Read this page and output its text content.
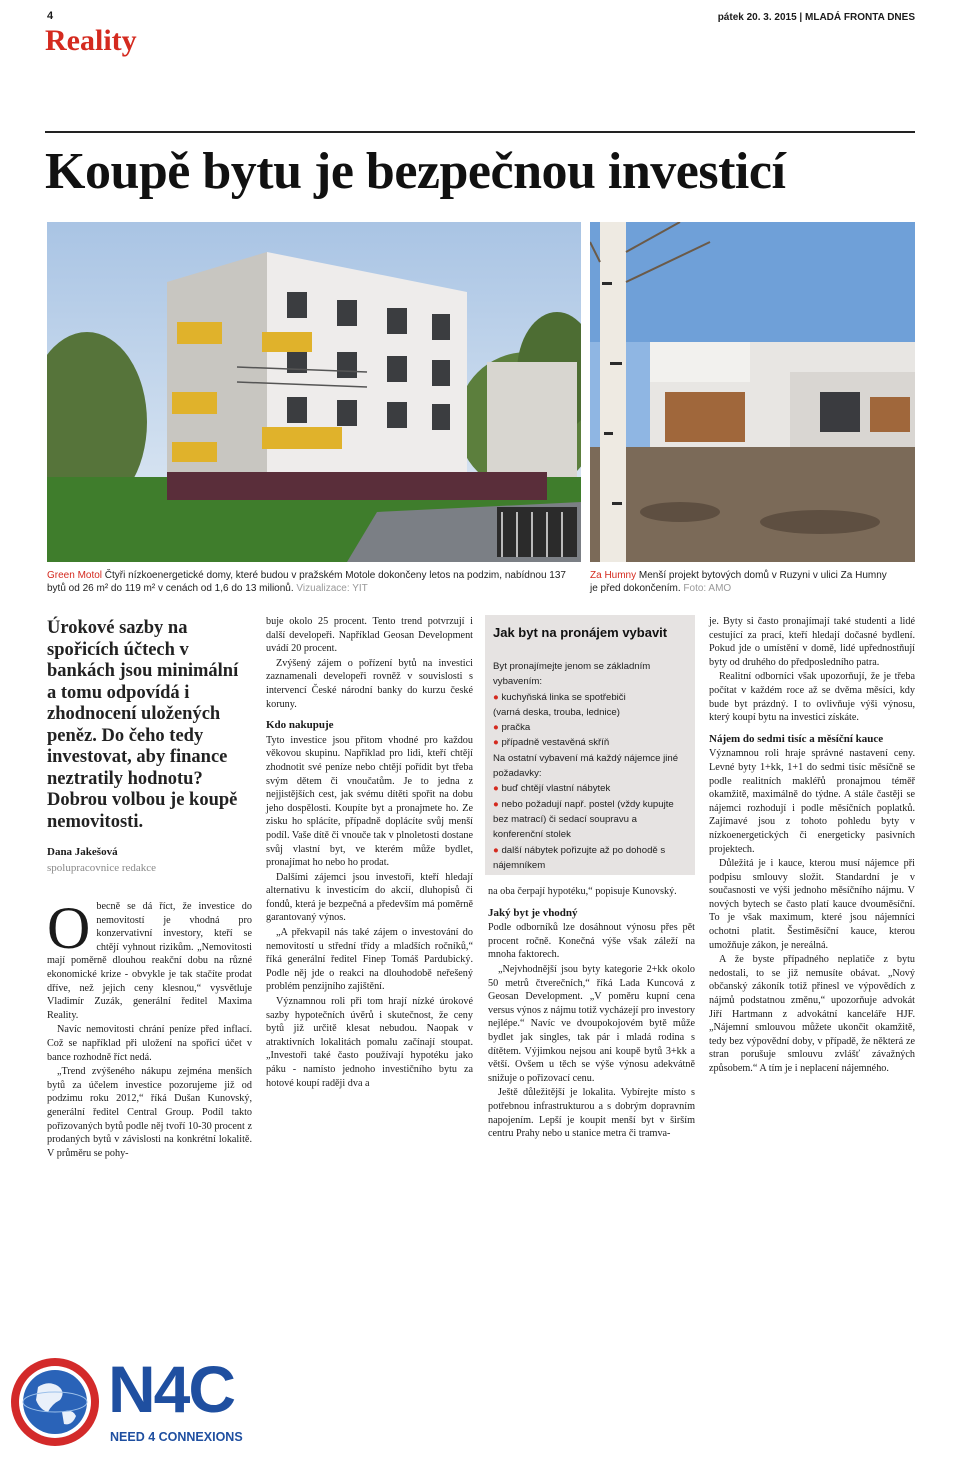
4	pátek 20. 3. 2015 | MLADÁ FRONTA DNES
Reality
Koupě bytu je bezpečnou investicí
Green Motol Čtyři nízkoenergetické domy, které budou v pražském Motole dokončeny letos na podzim, nabídnou 137 bytů od 26 m² do 119 m² v cenách od 1,6 do 13 milionů. Vizualizace: YIT
Za Humny Menší projekt bytových domů v Ruzyni v ulici Za Humny je před dokončením. Foto: AMO
Úrokové sazby na spořicích účtech v bankách jsou minimální a tomu odpovídá i zhodnocení uložených peněz. Do čeho tedy investovat, aby finance neztratily hodnotu? Dobrou volbou je koupě nemovitosti.
Dana Jakešová
spolupracovnice redakce

Obecně se dá říct, že investice do nemovitostí je vhodná pro konzervativní investory, kteří se chtějí vyhnout rizikům. „Nemovitosti mají poměrně dlouhou reakční dobu na různé ekonomické krize - obvykle je tak stačíte prodat dříve, než jejich ceny klesnou,“ vysvětluje Vladimír Zuzák, generální ředitel Maxima Reality.

Navíc nemovitosti chrání peníze před inflací. Což se například při uložení na spořicí účet v bance rozhodně říct nedá.

„Trend zvýšeného nákupu zejména menších bytů za účelem investice pozorujeme již od podzimu roku 2012,“ říká Dušan Kunovský, generální ředitel Central Group. Podíl takto pořizovaných bytů podle něj tvoří 10-30 procent z prodaných bytů v závislosti na konkrétní lokalitě. V průměru se pohy-

buje okolo 25 procent. Tento trend potvrzují i další developeři. Například Geosan Development uvádí 20 procent.

Zvýšený zájem o pořízení bytů na investici zaznamenali developeři rovněž v souvislosti s intervencí České národní banky do kurzu české koruny.

Kdo nakupuje

Tyto investice jsou přitom vhodné pro každou věkovou skupinu. Například pro lidi, kteří chtějí zhodnotit své peníze nebo chtějí pořídit byt třeba svým dětem či vnoučatům. Je to jedna z nejjistějších cest, jak svému dítěti spořit na dobu jeho dospělosti. Koupíte byt a pronajmete ho. Ze zisku ho splácíte, případně doplácíte svůj menší podíl. Vaše dítě či vnouče tak v plnoletosti dostane svůj vlastní byt, ve kterém může bydlet, pronajímat ho nebo ho prodat.

Dalšími zájemci jsou investoři, kteří hledají alternativu k investicím do akcií, dluhopisů či fondů, která je bezpečná a především má poměrně garantovaný výnos.

„A překvapil nás také zájem o investování do nemovitostí u střední třídy a mladších ročníků,“ říká generální ředitel Finep Tomáš Pardubický. Podle něj jde o reakci na dlouhodobě neřešený problém penzijního zajištění.

Významnou roli při tom hrají nízké úrokové sazby hypotečních úvěrů i skutečnost, že ceny bytů již určitě klesat nebudou. Naopak v atraktivních lokalitách pomalu začínají stoupat. „Investoři také často používají hypotéku jako páku - namísto jednoho investičního bytu za hotové koupí raději dva a

Jak byt na pronájem vybavit
Byt pronajímejte jenom se základním vybavením:
● kuchyňská linka se spotřebiči
(varná deska, trouba, lednice)
● pračka
● případně vestavěná skříň
Na ostatní vybavení má každý nájemce jiné požadavky:
● buď chtějí vlastní nábytek
● nebo požadují např. postel (vždy kupujte bez matrací) či sedací soupravu a konferenční stolek
● další nábytek pořizujte až po dohodě s nájemníkem

na oba čerpají hypotéku,“ popisuje Kunovský.

Jaký byt je vhodný

Podle odborníků lze dosáhnout výnosu přes pět procent ročně. Konečná výše však záleží na mnoha faktorech.

„Nejvhodnější jsou byty kategorie 2+kk okolo 50 metrů čtverečních,“ říká Lada Kuncová z Geosan Development. „V poměru kupní cena versus výnos z nájmu totiž vycházejí pro investory nejlépe.“ Navíc ve dvoupokojovém bytě může bydlet jak singles, tak pár i mladá rodina s dítětem. Výjimkou nejsou ani koupě bytů 3+kk a větší. Ovšem u těch se výše výnosu adekvátně snižuje o pořizovací cenu.

Ještě důležitější je lokalita. Vybírejte místo s potřebnou infrastrukturou a s dobrým dopravním napojením. Lepší je koupit menší byt v širším centru Prahy nebo u stanice metra či tramva-

je. Byty si často pronajímají také studenti a lidé cestující za prací, kteří hledají dočasné bydlení. Pokud jde o umístění v domě, lidé upřednostňují byty od druhého do předposledního patra.

Realitní odborníci však upozorňují, že je třeba počítat v každém roce až se dvěma měsíci, kdy bude byt prázdný. I to ovlivňuje výši výnosu, který koupí bytu na investici získáte.

Nájem do sedmi tisíc a měsíční kauce

Významnou roli hraje správné nastavení ceny. Levné byty 1+kk, 1+1 do sedmi tisíc měsíčně se podle realitních makléřů pronajmou téměř okamžitě, maximálně do týdne. A stále častěji se nájemci rozhodují i podle měsíčních poplatků. Zajímavé jsou z tohoto pohledu byty v nízkoenergetických či energeticky pasivních projektech.

Důležitá je i kauce, kterou musí nájemce při podpisu smlouvy složit. Standardní je v současnosti ve výši jednoho měsíčního nájmu. V nových bytech se často platí kauce dvouměsíční. To je však maximum, které jsou nájemníci ochotni platit. Šestiměsíční kauce, kterou umožňuje zákon, je nereálná.

A že byste případného neplatiče z bytu nedostali, to se již nemusíte obávat. „Nový občanský zákoník totiž přinesl ve výpovědích z nájmů podstatnou změnu,“ upozorňuje advokát Jiří Hartmann z advokátní kanceláře HJF. „Nájemní smlouvou můžete ukončit okamžitě, tedy bez výpovědní doby, v případě, že některá ze stran porušuje smlouvu zvlášť závažných způsobem.“ A tím je i neplacení nájemného.

N4C
NEED 4 CONNEXIONS
